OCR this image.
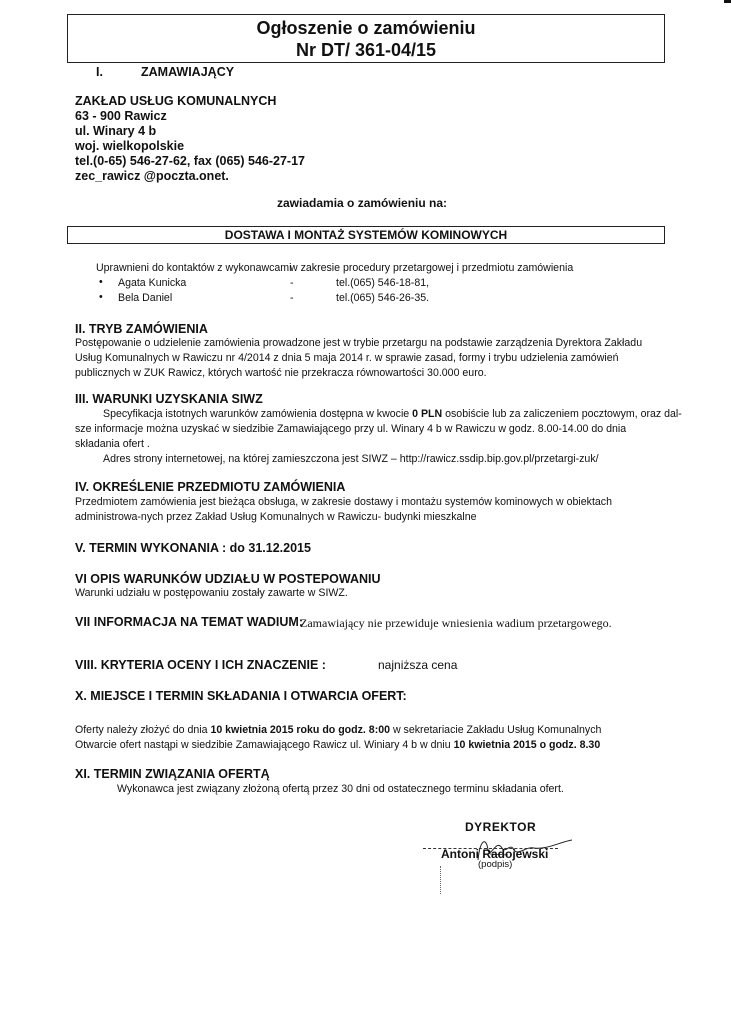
Ogłoszenie o zamówieniu
Nr DT/ 361-04/15
I.	ZAMAWIAJĄCY
ZAKŁAD USŁUG KOMUNALNYCH
63 - 900 Rawicz
ul. Winary 4 b
woj. wielkopolskie
tel.(0-65) 546-27-62, fax (065) 546-27-17
zec_rawicz @poczta.onet.
zawiadamia o zamówieniu na:
DOSTAWA I MONTAŻ SYSTEMÓW KOMINOWYCH
Uprawnieni do kontaktów z wykonawcami
w zakresie procedury przetargowej i przedmiotu zamówienia
• Agata Kunicka	-	tel.(065) 546-18-81,
• Bela Daniel	-	tel.(065) 546-26-35.
II. TRYB ZAMÓWIENIA
Postępowanie o udzielenie zamówienia prowadzone jest w trybie przetargu na podstawie zarządzenia Dyrektora Zakładu Usług Komunalnych w Rawiczu nr 4/2014 z dnia 5 maja 2014 r. w sprawie zasad, formy i trybu udzielenia zamówień publicznych w ZUK Rawicz, których wartość nie przekracza równowartości 30.000 euro.
III. WARUNKI UZYSKANIA SIWZ
Specyfikacja istotnych warunków zamówienia dostępna w kwocie 0 PLN osobiście lub za zaliczeniem pocztowym, oraz dal-
sze informacje można uzyskać w siedzibie Zamawiającego przy ul. Winary 4 b w Rawiczu w godz. 8.00-14.00 do dnia składania ofert .
Adres strony internetowej, na której zamieszczona jest SIWZ – http://rawicz.ssdip.bip.gov.pl/przetargi-zuk/
IV. OKREŚLENIE PRZEDMIOTU ZAMÓWIENIA
Przedmiotem zamówienia jest bieżąca obsługa, w zakresie dostawy i montażu systemów kominowych w obiektach administrowa-nych przez Zakład Usług Komunalnych w Rawiczu- budynki mieszkalne
V. TERMIN WYKONANIA : do 31.12.2015
VI OPIS WARUNKÓW UDZIAŁU W POSTEPOWANIU
Warunki udziału w postępowaniu zostały zawarte w SIWZ.
VII INFORMACJA NA TEMAT WADIUM:
Zamawiający nie przewiduje wniesienia wadium przetargowego.
VIII. KRYTERIA OCENY I ICH ZNACZENIE :	najniższa cena
X. MIEJSCE I TERMIN SKŁADANIA I OTWARCIA OFERT:
Oferty należy złożyć do dnia 10 kwietnia 2015 roku do godz. 8:00 w sekretariacie Zakładu Usług Komunalnych
Otwarcie ofert nastąpi w siedzibie Zamawiającego Rawicz ul. Winiary 4 b w dniu 10 kwietnia 2015 o godz. 8.30
XI. TERMIN ZWIĄZANIA OFERTĄ
Wykonawca jest związany złożoną ofertą przez 30 dni od ostatecznego terminu składania ofert.
DYREKTOR
Antoni Radojewski
(podpis)
